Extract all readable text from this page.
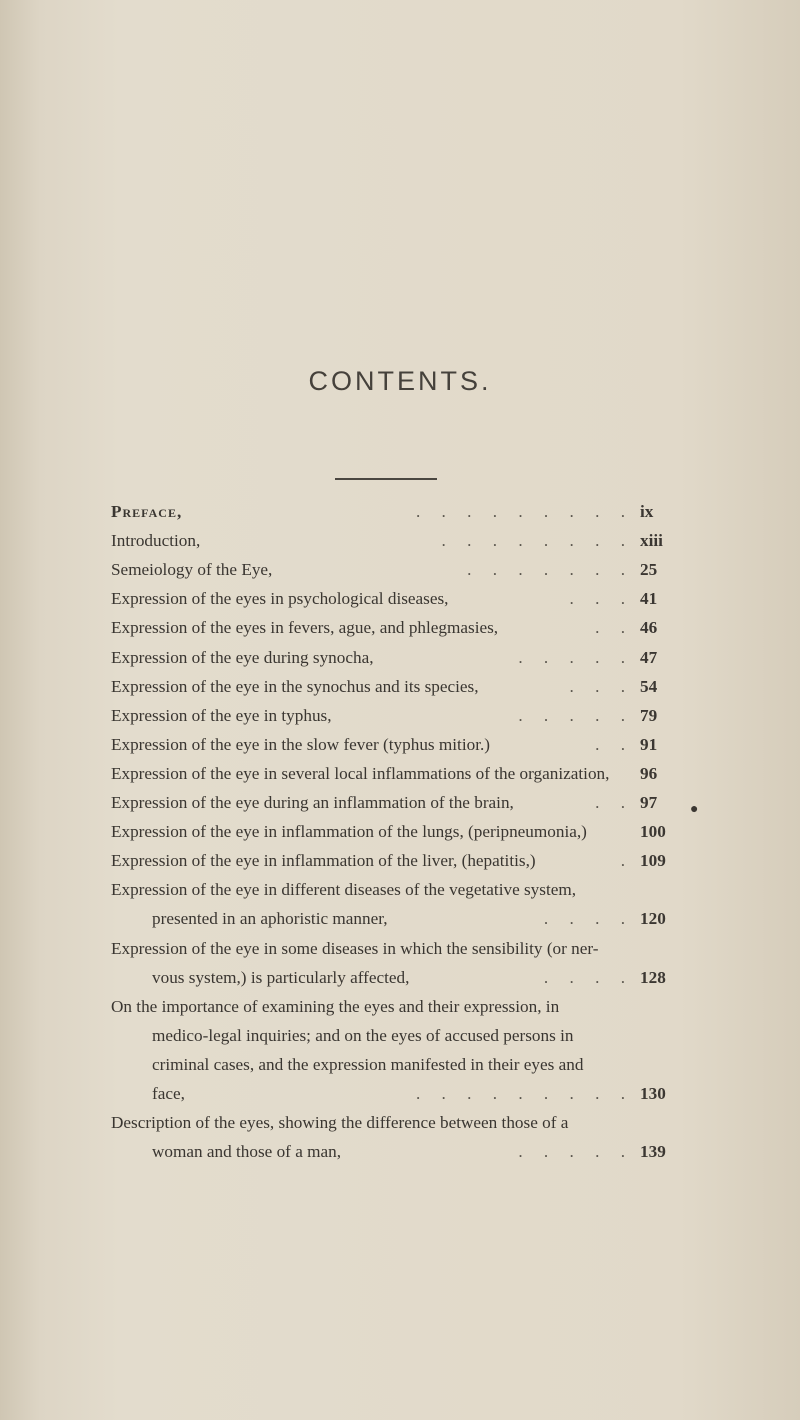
CONTENTS.
Preface,	. . . . . . . . . ix
Introduction,	. . . . . . . . xiii
Semeiology of the Eye,	. . . . . . . 25
Expression of the eyes in psychological diseases,	. . . 41
Expression of the eyes in fevers, ague, and phlegmasies,	. . 46
Expression of the eye during synocha,	. . . . . 47
Expression of the eye in the synochus and its species,	. . . 54
Expression of the eye in typhus,	. . . . . 79
Expression of the eye in the slow fever (typhus mitior.)	. . 91
Expression of the eye in several local inflammations of the organization, 96
Expression of the eye during an inflammation of the brain,	. . 97
Expression of the eye in inflammation of the lungs, (peripneumonia,)	100
Expression of the eye in inflammation of the liver, (hepatitis,)	. 109
Expression of the eye in different diseases of the vegetative system,
presented in an aphoristic manner,	. . . . 120
Expression of the eye in some diseases in which the sensibility (or ner-
vous system,) is particularly affected,	. . . . 128
On the importance of examining the eyes and their expression, in
medico-legal inquiries; and on the eyes of accused persons in
criminal cases, and the expression manifested in their eyes and
face,	. . . . . . . . . 130
Description of the eyes, showing the difference between those of a
woman and those of a man,	. . . . . 139
●
